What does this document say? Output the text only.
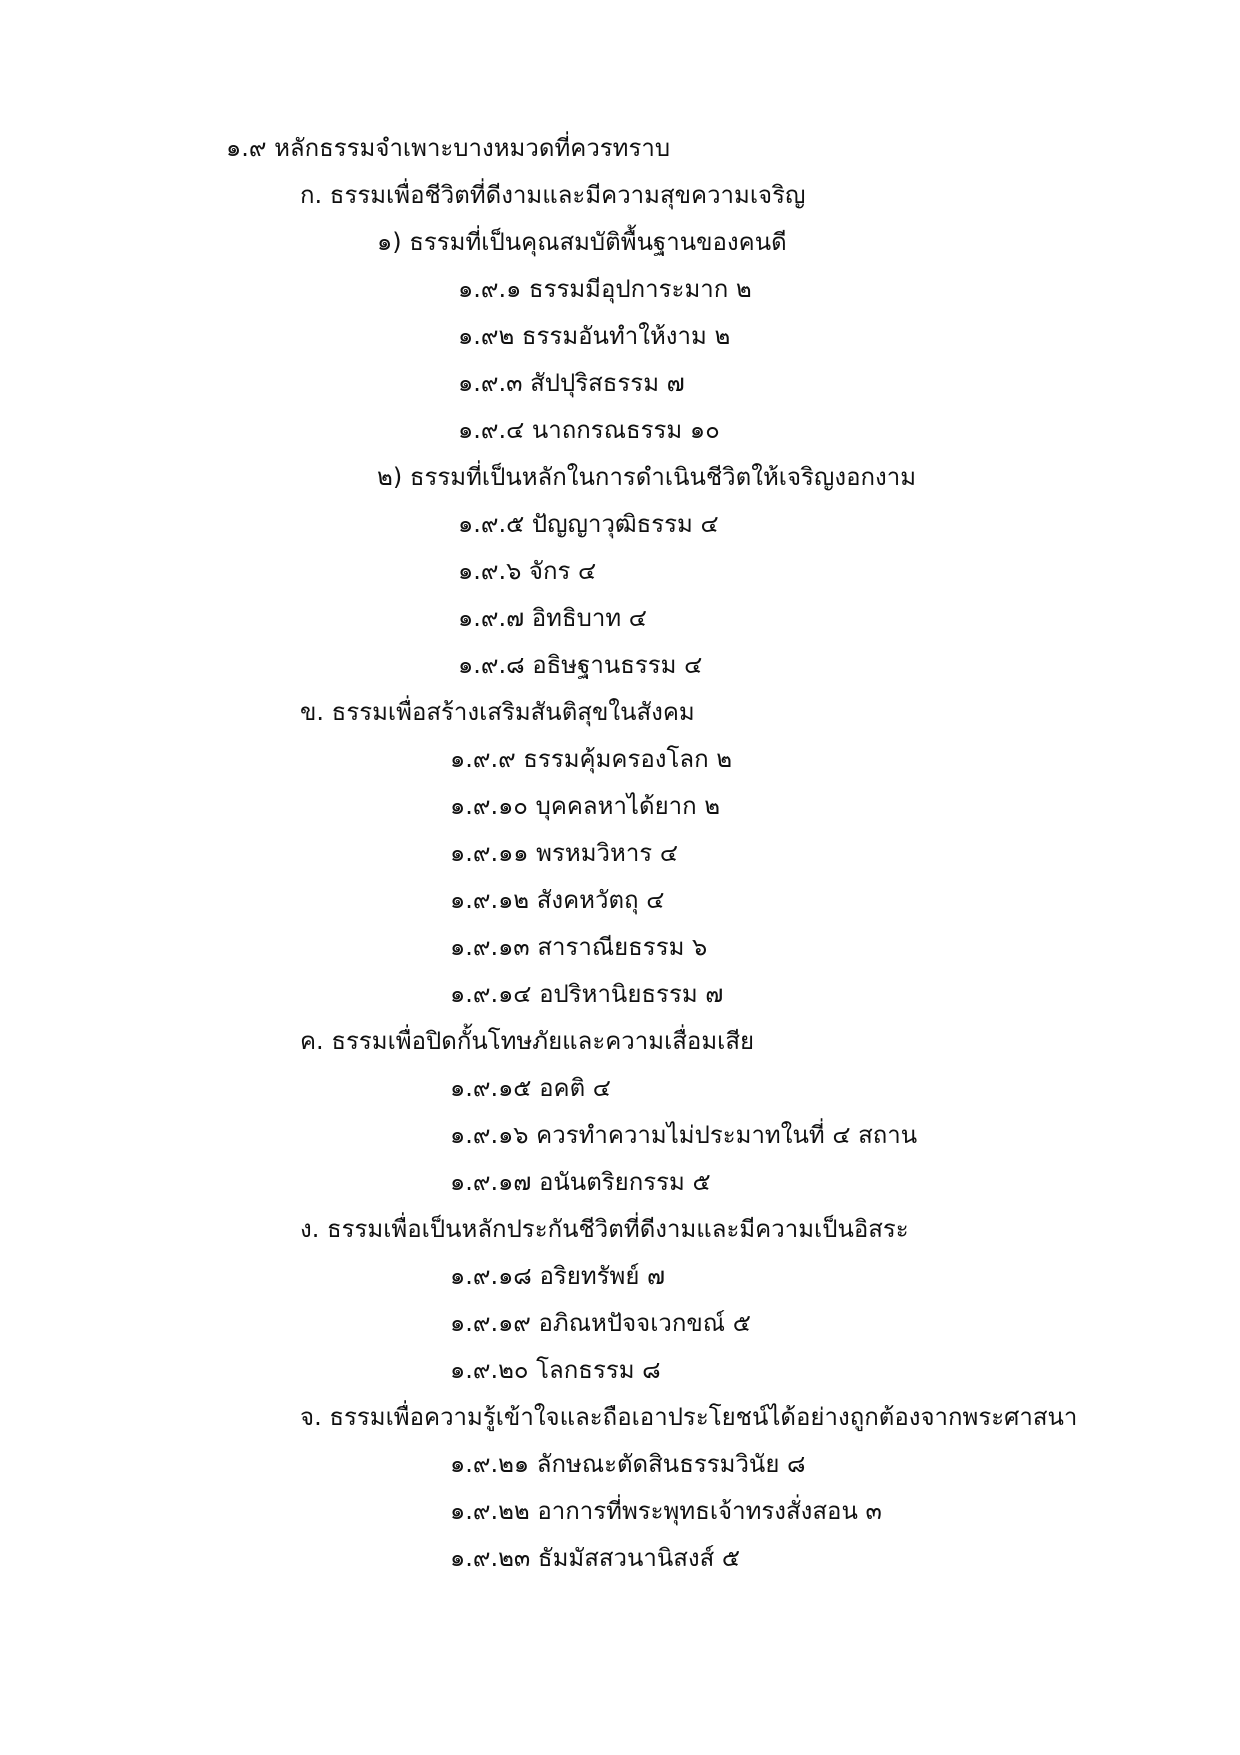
๑.๙ หลักธรรมจำเพาะบางหมวดที่ควรทราบ
ก. ธรรมเพื่อชีวิตที่ดีงามและมีความสุขความเจริญ
๑) ธรรมที่เป็นคุณสมบัติพื้นฐานของคนดี
๑.๙.๑ ธรรมมีอุปการะมาก ๒
๑.๙๒ ธรรมอันทำให้งาม ๒
๑.๙.๓ สัปปุริสธรรม ๗
๑.๙.๔ นาถกรณธรรม ๑๐
๒) ธรรมที่เป็นหลักในการดำเนินชีวิตให้เจริญงอกงาม
๑.๙.๕ ปัญญาวุฒิธรรม ๔
๑.๙.๖ จักร ๔
๑.๙.๗ อิทธิบาท ๔
๑.๙.๘ อธิษฐานธรรม ๔
ข. ธรรมเพื่อสร้างเสริมสันติสุขในสังคม
๑.๙.๙ ธรรมคุ้มครองโลก ๒
๑.๙.๑๐ บุคคลหาได้ยาก ๒
๑.๙.๑๑ พรหมวิหาร ๔
๑.๙.๑๒ สังคหวัตถุ ๔
๑.๙.๑๓ สาราณียธรรม ๖
๑.๙.๑๔ อปริหานิยธรรม ๗
ค. ธรรมเพื่อปิดกั้นโทษภัยและความเสื่อมเสีย
๑.๙.๑๕ อคติ ๔
๑.๙.๑๖ ควรทำความไม่ประมาทในที่ ๔ สถาน
๑.๙.๑๗ อนันตริยกรรม ๕
ง. ธรรมเพื่อเป็นหลักประกันชีวิตที่ดีงามและมีความเป็นอิสระ
๑.๙.๑๘ อริยทรัพย์ ๗
๑.๙.๑๙ อภิณหปัจจเวกขณ์ ๕
๑.๙.๒๐ โลกธรรม ๘
จ. ธรรมเพื่อความรู้เข้าใจและถือเอาประโยชน์ได้อย่างถูกต้องจากพระศาสนา
๑.๙.๒๑ ลักษณะตัดสินธรรมวินัย ๘
๑.๙.๒๒ อาการที่พระพุทธเจ้าทรงสั่งสอน ๓
๑.๙.๒๓ ธัมมัสสวนานิสงส์ ๕
